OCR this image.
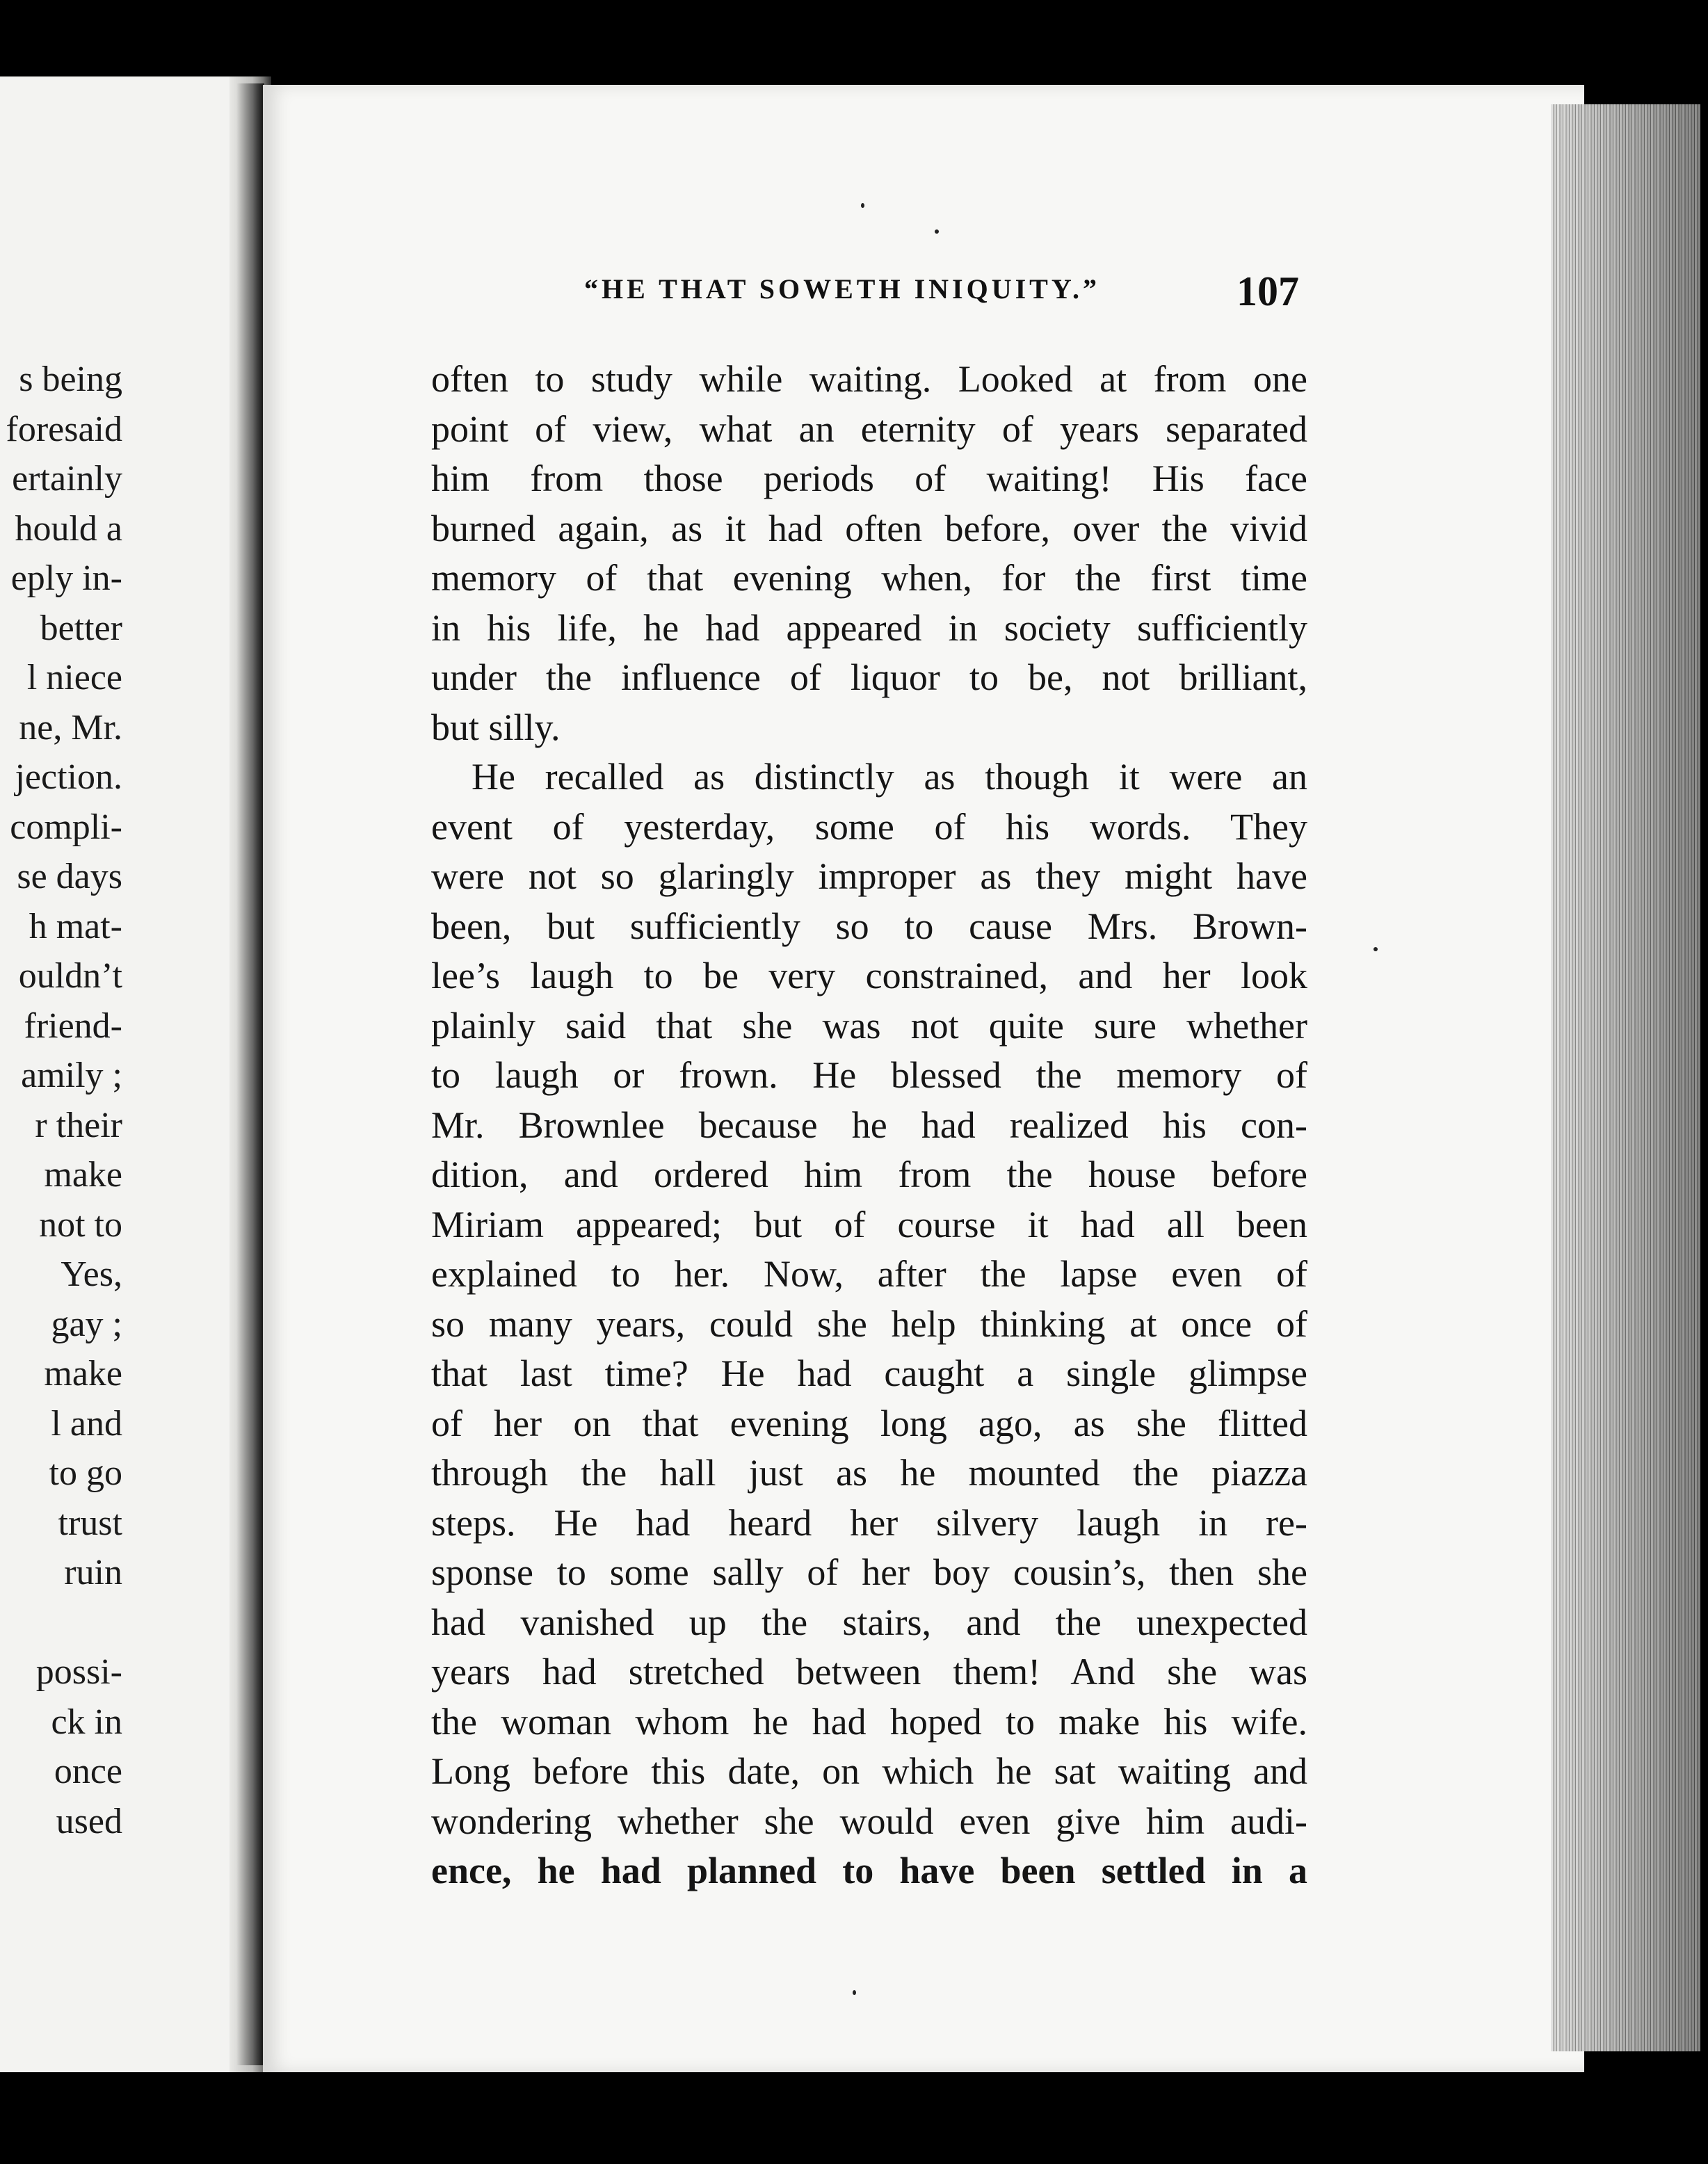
s being
foresaid
ertainly
hould a
eply in-
better
l niece
ne, Mr.
jection.
compli-
se days
h mat-
ouldn’t
friend-
amily ;
r their
make
not to
Yes,
gay ;
make
l and
to go
trust
ruin
possi-
ck in
once
used
“HE THAT SOWETH INIQUITY.”	107
often to study while waiting. Looked at from one
point of view, what an eternity of years separated
him from those periods of waiting! His face
burned again, as it had often before, over the vivid
memory of that evening when, for the first time
in his life, he had appeared in society sufficiently
under the influence of liquor to be, not brilliant,
but silly.
He recalled as distinctly as though it were an
event of yesterday, some of his words. They
were not so glaringly improper as they might have
been, but sufficiently so to cause Mrs. Brown-
lee’s laugh to be very constrained, and her look
plainly said that she was not quite sure whether
to laugh or frown. He blessed the memory of
Mr. Brownlee because he had realized his con-
dition, and ordered him from the house before
Miriam appeared; but of course it had all been
explained to her. Now, after the lapse even of
so many years, could she help thinking at once of
that last time? He had caught a single glimpse
of her on that evening long ago, as she flitted
through the hall just as he mounted the piazza
steps. He had heard her silvery laugh in re-
sponse to some sally of her boy cousin’s, then she
had vanished up the stairs, and the unexpected
years had stretched between them! And she was
the woman whom he had hoped to make his wife.
Long before this date, on which he sat waiting and
wondering whether she would even give him audi-
ence, he had planned to have been settled in a
